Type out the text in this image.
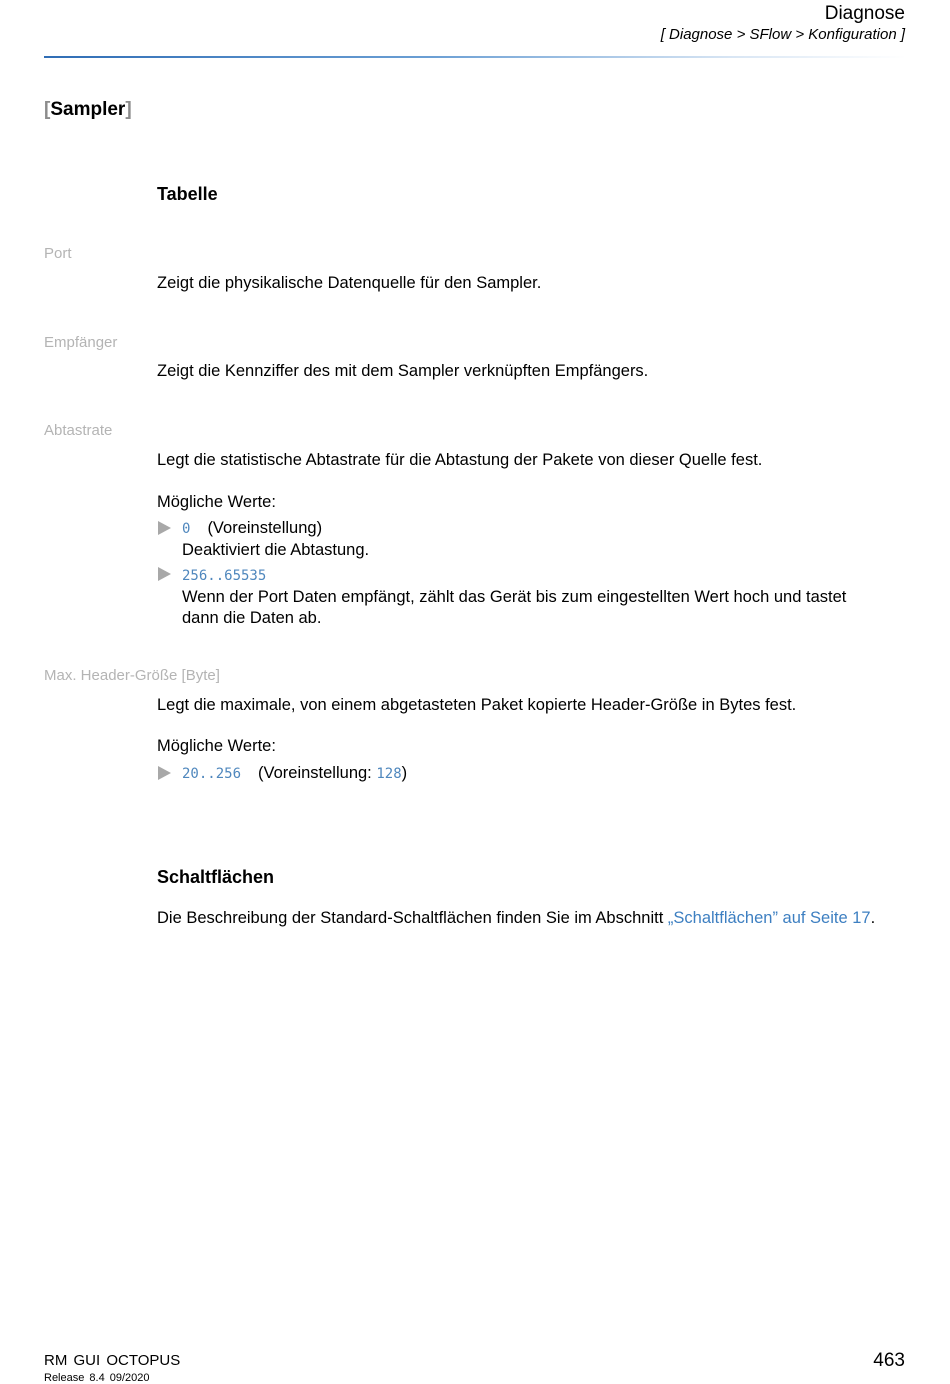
Diagnose
[ Diagnose > SFlow > Konfiguration ]
[Sampler]
Tabelle
Port
Zeigt die physikalische Datenquelle für den Sampler.
Empfänger
Zeigt die Kennziffer des mit dem Sampler verknüpften Empfängers.
Abtastrate
Legt die statistische Abtastrate für die Abtastung der Pakete von dieser Quelle fest.
Mögliche Werte:
0 (Voreinstellung)
Deaktiviert die Abtastung.
256..65535
Wenn der Port Daten empfängt, zählt das Gerät bis zum eingestellten Wert hoch und tastet
dann die Daten ab.
Max. Header-Größe [Byte]
Legt die maximale, von einem abgetasteten Paket kopierte Header-Größe in Bytes fest.
Mögliche Werte:
20..256 (Voreinstellung: 128)
Schaltflächen
Die Beschreibung der Standard-Schaltflächen finden Sie im Abschnitt „Schaltflächen” auf Seite 17.
RM GUI OCTOPUS
Release 8.4 09/2020
463
